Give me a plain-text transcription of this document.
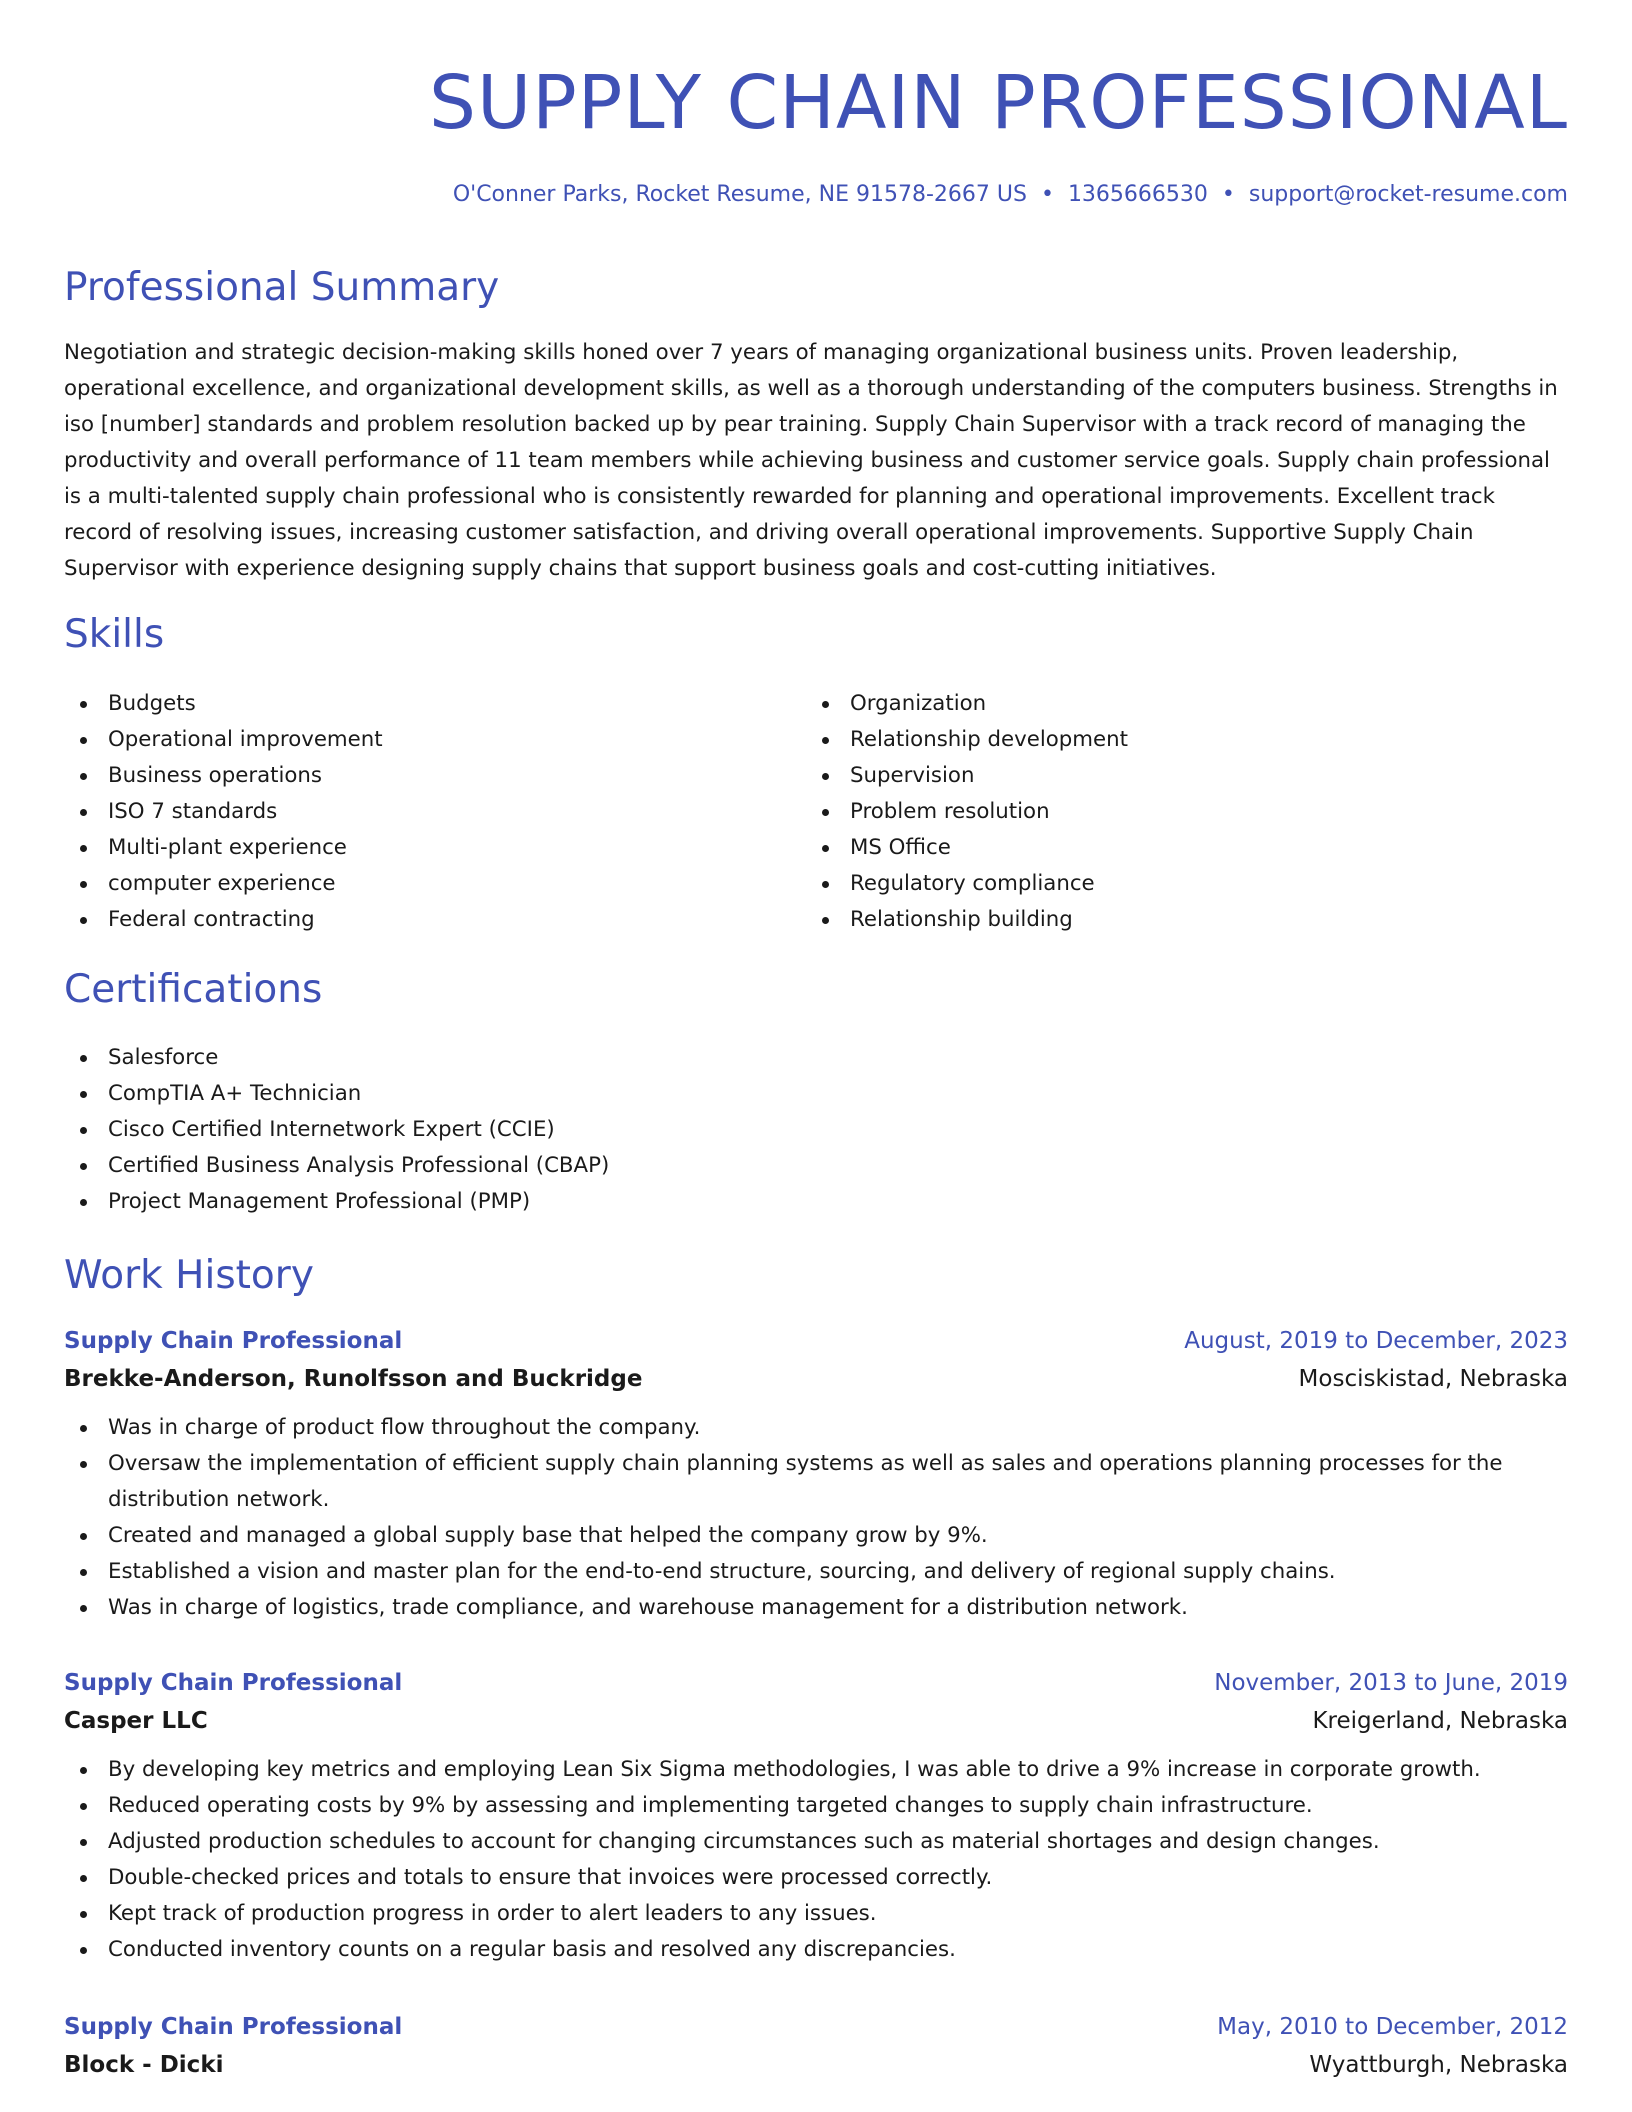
SUPPLY CHAIN PROFESSIONAL
O'Conner Parks, Rocket Resume, NE 91578-2667 US • 1365666530 • support@rocket-resume.com
Professional Summary

Negotiation and strategic decision-making skills honed over 7 years of managing organizational business units. Proven leadership, operational excellence, and organizational development skills, as well as a thorough understanding of the computers business. Strengths in iso [number] standards and problem resolution backed up by pear training. Supply Chain Supervisor with a track record of managing the productivity and overall performance of 11 team members while achieving business and customer service goals. Supply chain professional is a multi-talented supply chain professional who is consistently rewarded for planning and operational improvements. Excellent track record of resolving issues, increasing customer satisfaction, and driving overall operational improvements. Supportive Supply Chain Supervisor with experience designing supply chains that support business goals and cost-cutting initiatives.

Skills
Budgets
Operational improvement
Business operations
ISO 7 standards
Multi-plant experience
computer experience
Federal contracting
Organization
Relationship development
Supervision
Problem resolution
MS Office
Regulatory compliance
Relationship building
Certifications
Salesforce
CompTIA A+ Technician
Cisco Certified Internetwork Expert (CCIE)
Certified Business Analysis Professional (CBAP)
Project Management Professional (PMP)
Work History
Supply Chain Professional	August, 2019 to December, 2023
Brekke-Anderson, Runolfsson and Buckridge	Mosciskistad, Nebraska
Was in charge of product flow throughout the company.
Oversaw the implementation of efficient supply chain planning systems as well as sales and operations planning processes for the distribution network.
Created and managed a global supply base that helped the company grow by 9%.
Established a vision and master plan for the end-to-end structure, sourcing, and delivery of regional supply chains.
Was in charge of logistics, trade compliance, and warehouse management for a distribution network.
Supply Chain Professional	November, 2013 to June, 2019
Casper LLC	Kreigerland, Nebraska
By developing key metrics and employing Lean Six Sigma methodologies, I was able to drive a 9% increase in corporate growth.
Reduced operating costs by 9% by assessing and implementing targeted changes to supply chain infrastructure.
Adjusted production schedules to account for changing circumstances such as material shortages and design changes.
Double-checked prices and totals to ensure that invoices were processed correctly.
Kept track of production progress in order to alert leaders to any issues.
Conducted inventory counts on a regular basis and resolved any discrepancies.
Supply Chain Professional	May, 2010 to December, 2012
Block - Dicki	Wyattburgh, Nebraska
